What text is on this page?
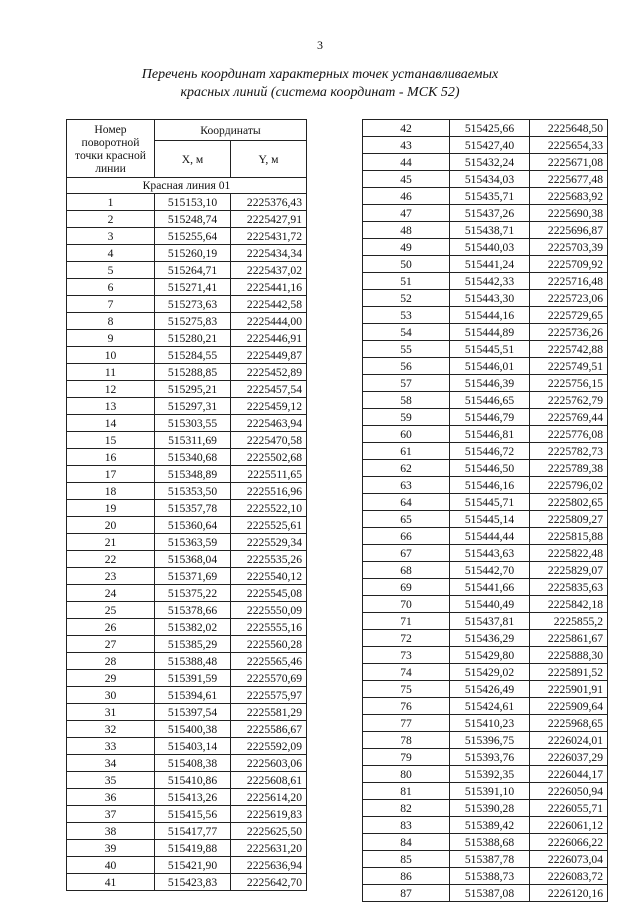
3
Перечень координат характерных точек устанавливаемых
красных линий (система координат - МСК 52)
Номер поворотной точки красной линии	Координаты	
	X, м	Y, м
Красная линия 01		
1	515153,10	2225376,43
2	515248,74	2225427,91
3	515255,64	2225431,72
4	515260,19	2225434,34
5	515264,71	2225437,02
6	515271,41	2225441,16
7	515273,63	2225442,58
8	515275,83	2225444,00
9	515280,21	2225446,91
10	515284,55	2225449,87
11	515288,85	2225452,89
12	515295,21	2225457,54
13	515297,31	2225459,12
14	515303,55	2225463,94
15	515311,69	2225470,58
16	515340,68	2225502,68
17	515348,89	2225511,65
18	515353,50	2225516,96
19	515357,78	2225522,10
20	515360,64	2225525,61
21	515363,59	2225529,34
22	515368,04	2225535,26
23	515371,69	2225540,12
24	515375,22	2225545,08
25	515378,66	2225550,09
26	515382,02	2225555,16
27	515385,29	2225560,28
28	515388,48	2225565,46
29	515391,59	2225570,69
30	515394,61	2225575,97
31	515397,54	2225581,29
32	515400,38	2225586,67
33	515403,14	2225592,09
34	515408,38	2225603,06
35	515410,86	2225608,61
36	515413,26	2225614,20
37	515415,56	2225619,83
38	515417,77	2225625,50
39	515419,88	2225631,20
40	515421,90	2225636,94
41	515423,83	2225642,70
42	515425,66	2225648,50
43	515427,40	2225654,33
44	515432,24	2225671,08
45	515434,03	2225677,48
46	515435,71	2225683,92
47	515437,26	2225690,38
48	515438,71	2225696,87
49	515440,03	2225703,39
50	515441,24	2225709,92
51	515442,33	2225716,48
52	515443,30	2225723,06
53	515444,16	2225729,65
54	515444,89	2225736,26
55	515445,51	2225742,88
56	515446,01	2225749,51
57	515446,39	2225756,15
58	515446,65	2225762,79
59	515446,79	2225769,44
60	515446,81	2225776,08
61	515446,72	2225782,73
62	515446,50	2225789,38
63	515446,16	2225796,02
64	515445,71	2225802,65
65	515445,14	2225809,27
66	515444,44	2225815,88
67	515443,63	2225822,48
68	515442,70	2225829,07
69	515441,66	2225835,63
70	515440,49	2225842,18
71	515437,81	2225855,2
72	515436,29	2225861,67
73	515429,80	2225888,30
74	515429,02	2225891,52
75	515426,49	2225901,91
76	515424,61	2225909,64
77	515410,23	2225968,65
78	515396,75	2226024,01
79	515393,76	2226037,29
80	515392,35	2226044,17
81	515391,10	2226050,94
82	515390,28	2226055,71
83	515389,42	2226061,12
84	515388,68	2226066,22
85	515387,78	2226073,04
86	515388,73	2226083,72
87	515387,08	2226120,16
